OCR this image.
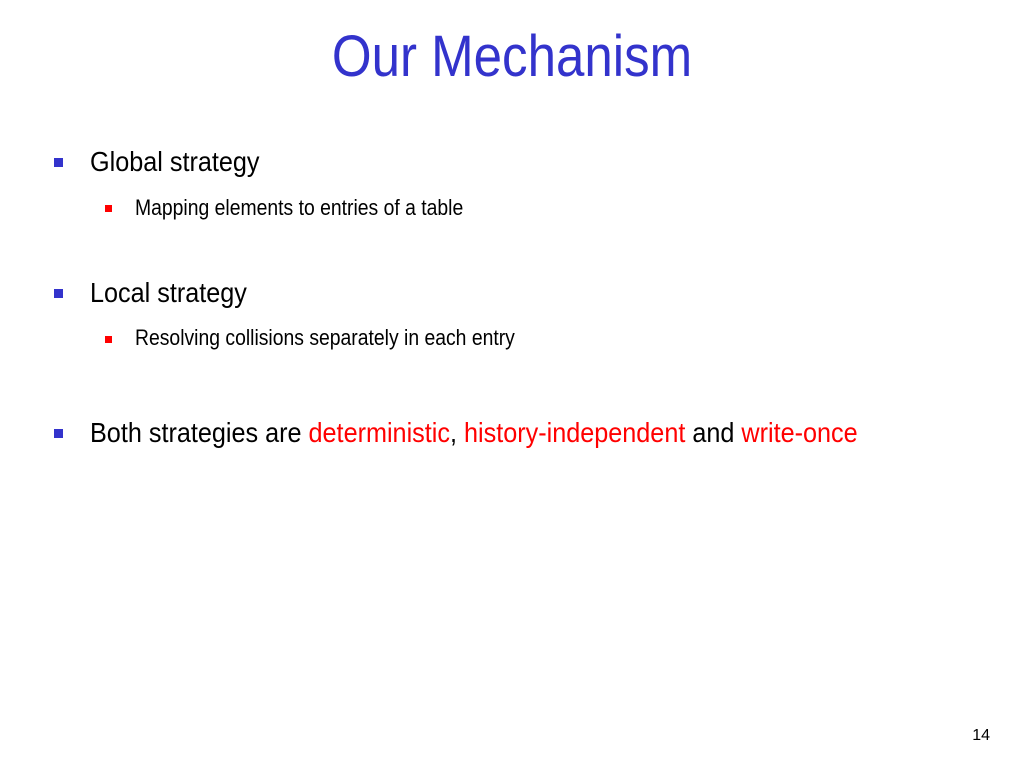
Our Mechanism
Global strategy
Mapping elements to entries of a table
Local strategy
Resolving collisions separately in each entry
Both strategies are deterministic, history-independent and write-once
14
